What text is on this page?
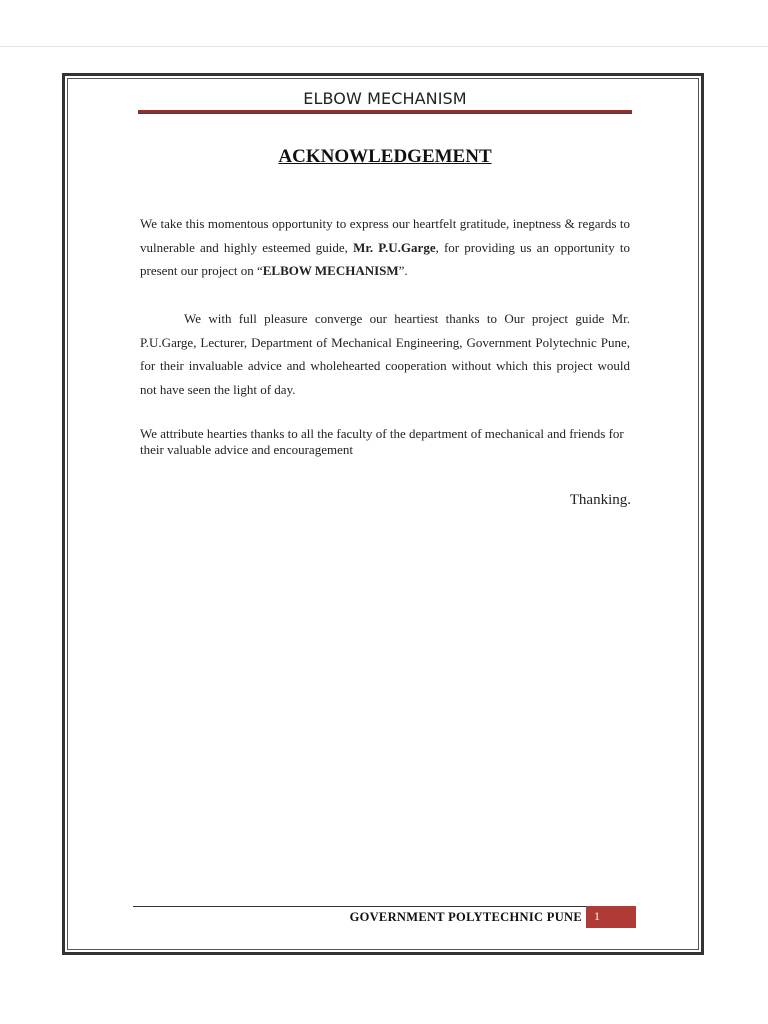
ELBOW MECHANISM
ACKNOWLEDGEMENT
We take this momentous opportunity to express our heartfelt gratitude, ineptness & regards to vulnerable and highly esteemed guide, Mr. P.U.Garge, for providing us an opportunity to present our project on “ELBOW MECHANISM”.
We with full pleasure converge our heartiest thanks to Our project guide Mr. P.U.Garge, Lecturer, Department of Mechanical Engineering, Government Polytechnic Pune, for their invaluable advice and wholehearted cooperation without which this project would not have seen the light of day.
We attribute hearties thanks to all the faculty of the department of mechanical and friends for their valuable advice and encouragement
Thanking.
GOVERNMENT POLYTECHNIC PUNE 1
